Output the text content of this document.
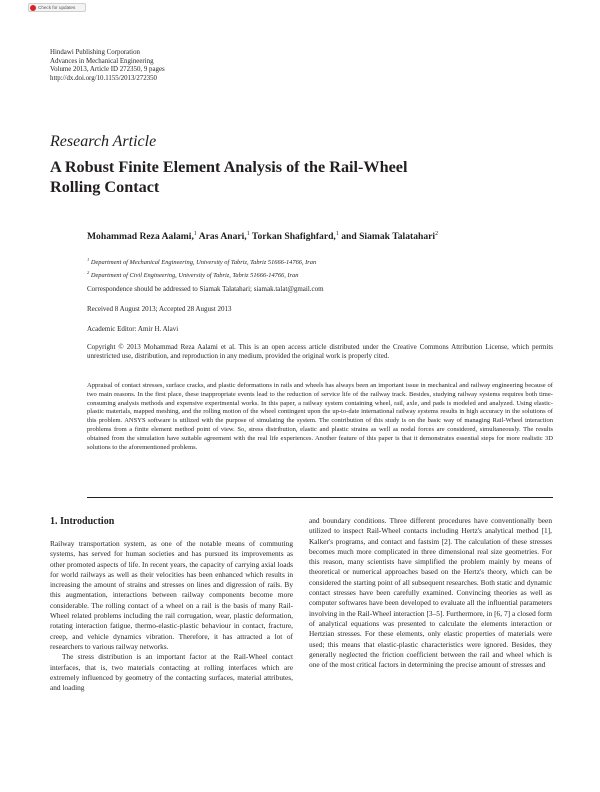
Check for updates
Hindawi Publishing Corporation
Advances in Mechanical Engineering
Volume 2013, Article ID 272350, 9 pages
http://dx.doi.org/10.1155/2013/272350
Research Article
A Robust Finite Element Analysis of the Rail-Wheel
Rolling Contact
Mohammad Reza Aalami,$^1$ Aras Anari,$^1$ Torkan Shafighfard,$^1$ and Siamak Talatahari$^2$
$^1$ Department of Mechanical Engineering, University of Tabriz, Tabriz 51666-14766, Iran
$^2$ Department of Civil Engineering, University of Tabriz, Tabriz 51666-14766, Iran
Correspondence should be addressed to Siamak Talatahari; siamak.talat@gmail.com
Received 8 August 2013; Accepted 28 August 2013
Academic Editor: Amir H. Alavi
Copyright © 2013 Mohammad Reza Aalami et al. This is an open access article distributed under the Creative Commons Attribution License, which permits unrestricted use, distribution, and reproduction in any medium, provided the original work is properly cited.
Appraisal of contact stresses, surface cracks, and plastic deformations in rails and wheels has always been an important issue in mechanical and railway engineering because of two main reasons. In the first place, these inappropriate events lead to the reduction of service life of the railway track. Besides, studying railway systems requires both time-consuming analysis methods and expensive experimental works. In this paper, a railway system containing wheel, rail, axle, and pads is modeled and analyzed. Using elastic-plastic materials, mapped meshing, and the rolling motion of the wheel contingent upon the up-to-date international railway systems results in high accuracy in the solutions of this problem. ANSYS software is utilized with the purpose of simulating the system. The contribution of this study is on the basic way of managing Rail-Wheel interaction problems from a finite element method point of view. So, stress distribution, elastic and plastic strains as well as nodal forces are considered, simultaneously. The results obtained from the simulation have suitable agreement with the real life experiences. Another feature of this paper is that it demonstrates essential steps for more realistic 3D solutions to the aforementioned problems.
1. Introduction

Railway transportation system, as one of the notable means of commuting systems, has served for human societies and has pursued its improvements as other promoted aspects of life. In recent years, the capacity of carrying axial loads for world railways as well as their velocities has been enhanced which results in increasing the amount of strains and stresses on lines and digression of rails. By this augmentation, interactions between railway components become more considerable. The rolling contact of a wheel on a rail is the basis of many Rail-Wheel related problems including the rail corrugation, wear, plastic deformation, rotating interaction fatigue, thermo-elastic-plastic behaviour in contact, fracture, creep, and vehicle dynamics vibration. Therefore, it has attracted a lot of researchers to various railway networks.

The stress distribution is an important factor at the Rail-Wheel contact interfaces, that is, two materials contacting at rolling interfaces which are extremely influenced by geometry of the contacting surfaces, material attributes, and loading

and boundary conditions. Three different procedures have conventionally been utilized to inspect Rail-Wheel contacts including Hertz's analytical method [1], Kalker's programs, and contact and fastsim [2]. The calculation of these stresses becomes much more complicated in three dimensional real size geometries. For this reason, many scientists have simplified the problem mainly by means of theoretical or numerical approaches based on the Hertz's theory, which can be considered the starting point of all subsequent researches. Both static and dynamic contact stresses have been carefully examined. Convincing theories as well as computer softwares have been developed to evaluate all the influential parameters involving in the Rail-Wheel interaction [3–5]. Furthermore, in [6, 7] a closed form of analytical equations was presented to calculate the elements interaction or Hertzian stresses. For these elements, only elastic properties of materials were used; this means that elastic-plastic characteristics were ignored. Besides, they generally neglected the friction coefficient between the rail and wheel which is one of the most critical factors in determining the precise amount of stresses and
